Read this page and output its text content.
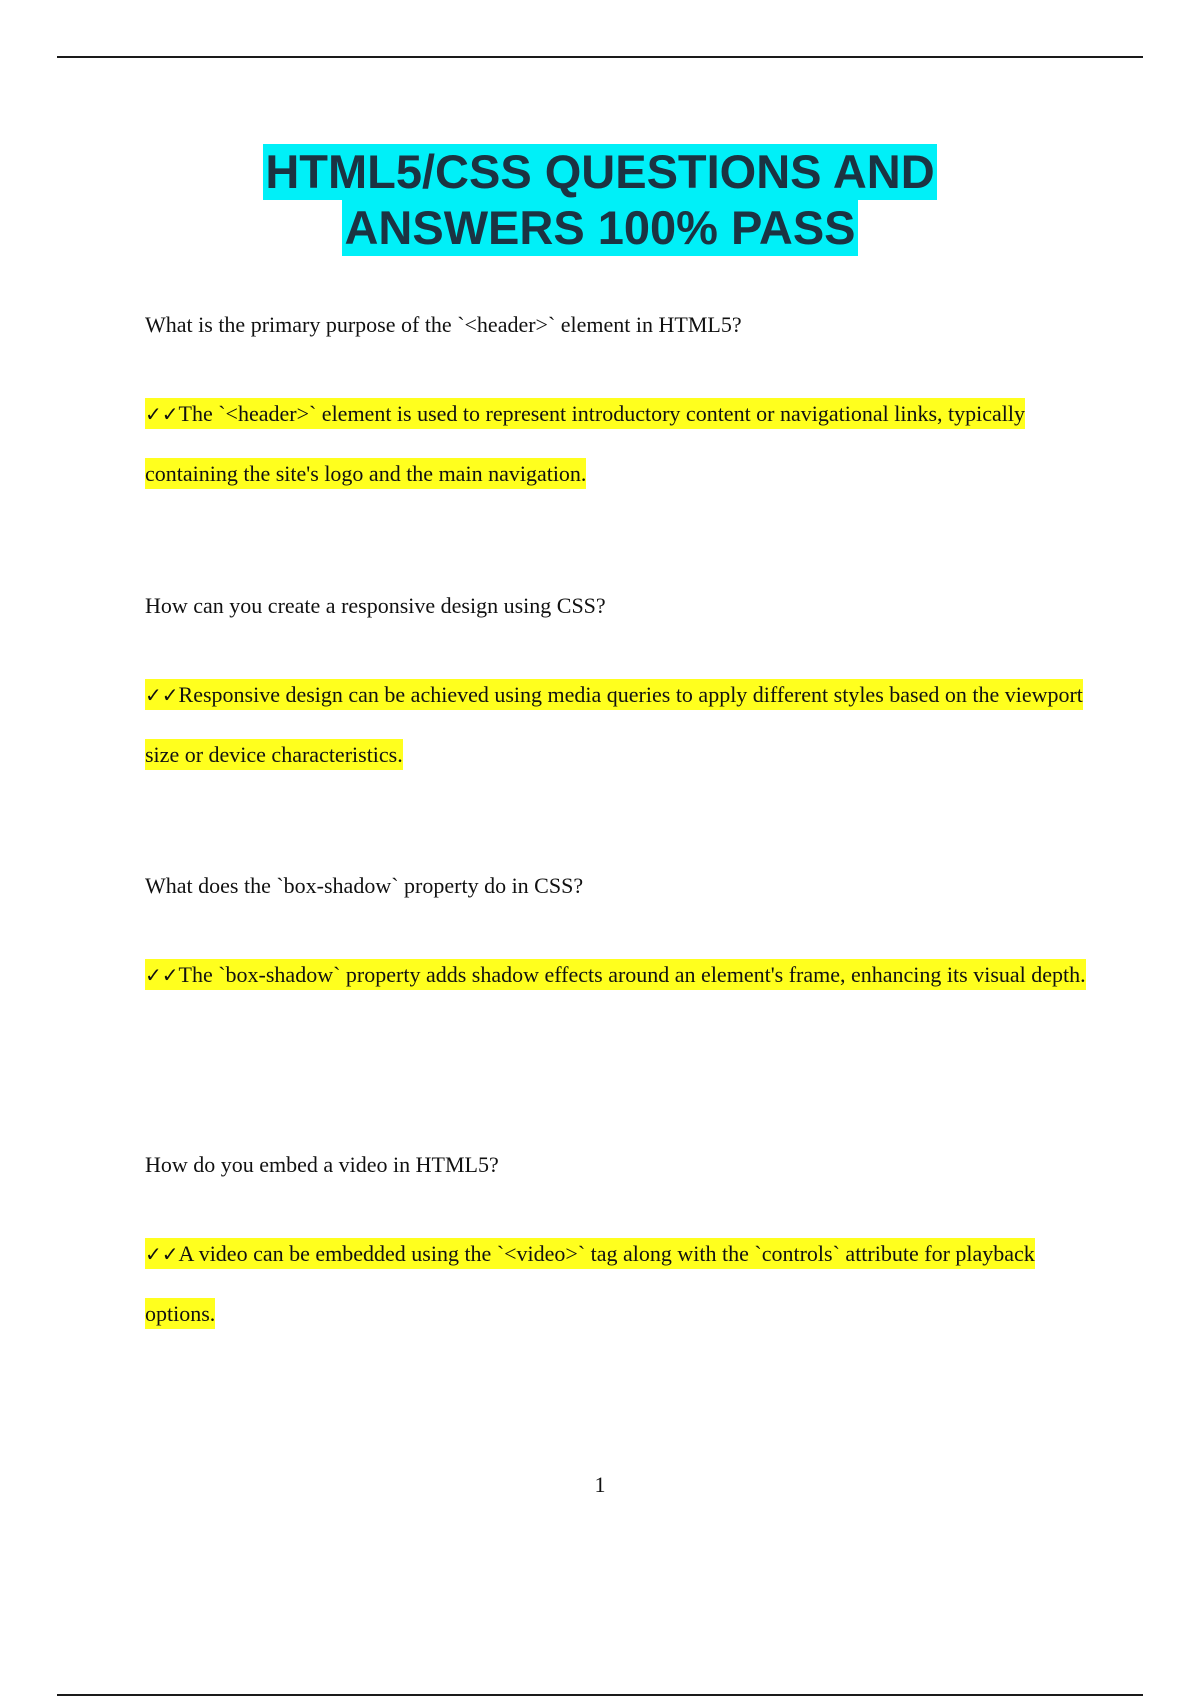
HTML5/CSS QUESTIONS AND
ANSWERS 100% PASS

What is the primary purpose of the `<header>` element in HTML5?

✓✓The `<header>` element is used to represent introductory content or navigational links, typically containing the site's logo and the main navigation.

How can you create a responsive design using CSS?

✓✓Responsive design can be achieved using media queries to apply different styles based on the viewport size or device characteristics.

What does the `box-shadow` property do in CSS?

✓✓The `box-shadow` property adds shadow effects around an element's frame, enhancing its visual depth.

How do you embed a video in HTML5?

✓✓A video can be embedded using the `<video>` tag along with the `controls` attribute for playback options.

1
